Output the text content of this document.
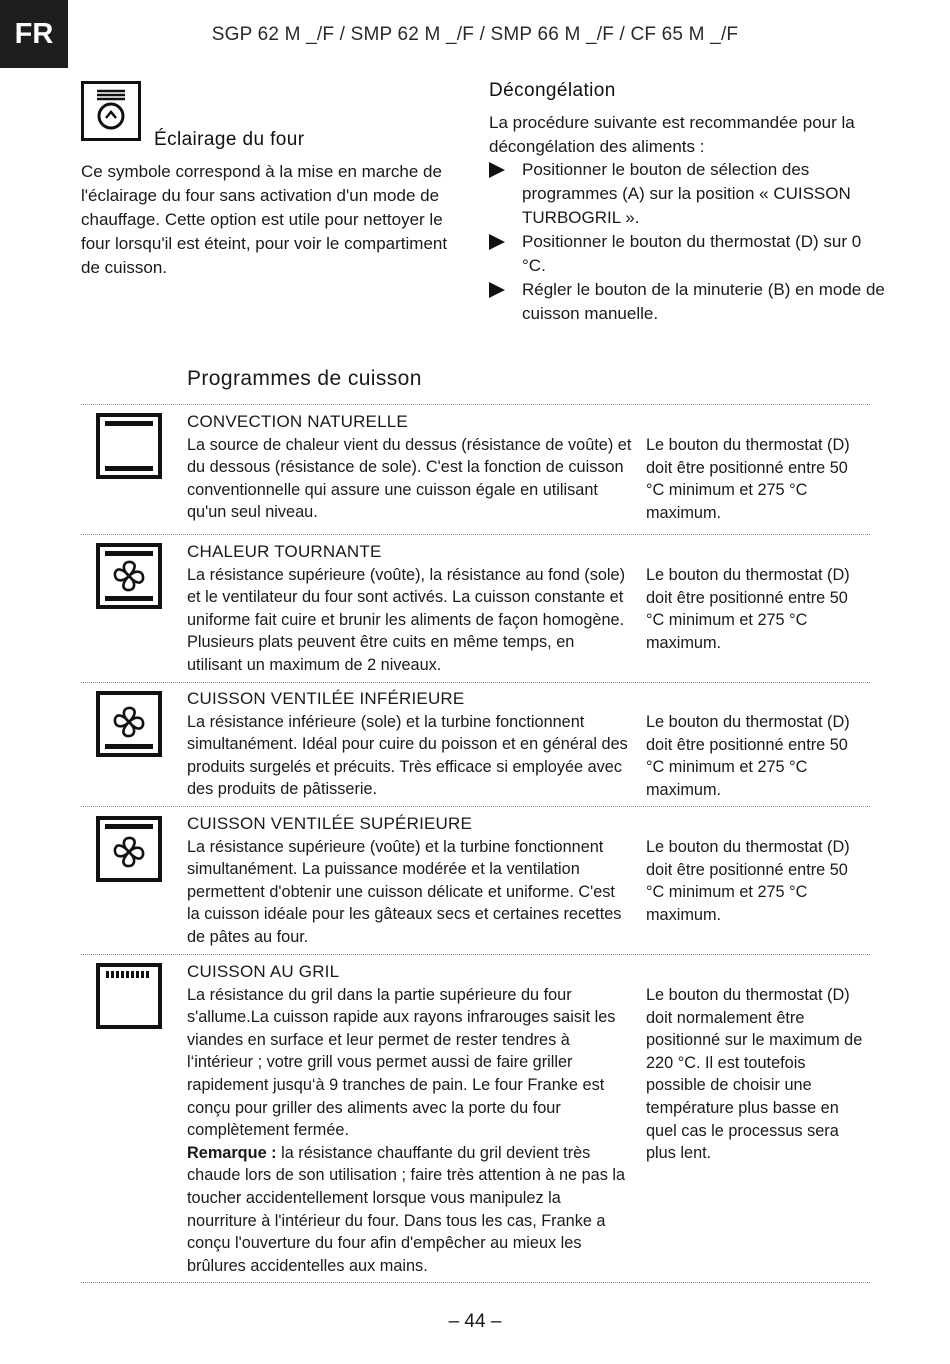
FR	SGP 62 M _/F / SMP 62 M _/F / SMP 66 M _/F / CF 65 M _/F
Éclairage du four

Ce symbole correspond à la mise en marche de l'éclairage du four sans activation d'un mode de chauffage. Cette option est utile pour nettoyer le four lorsqu'il est éteint, pour voir le compartiment de cuisson.

Décongélation

La procédure suivante est recommandée pour la décongélation des aliments :

Positionner le bouton de sélection des programmes (A) sur la position « CUISSON TURBOGRIL ».
Positionner le bouton du thermostat (D) sur 0 °C.
Régler le bouton de la minuterie (B) en mode de cuisson manuelle.
Programmes de cuisson
CONVECTION NATURELLE
La source de chaleur vient du dessus (résistance de voûte) et du dessous (résistance de sole). C'est la fonction de cuisson conventionnelle qui assure une cuisson égale en utilisant qu'un seul niveau.
Le bouton du thermostat (D) doit être positionné entre 50 °C minimum et 275 °C maximum.
CHALEUR TOURNANTE
La résistance supérieure (voûte), la résistance au fond (sole) et le ventilateur du four sont activés. La cuisson constante et uniforme fait cuire et brunir les aliments de façon homogène. Plusieurs plats peuvent être cuits en même temps, en utilisant un maximum de 2 niveaux.
Le bouton du thermostat (D) doit être positionné entre 50 °C minimum et 275 °C maximum.
CUISSON VENTILÉE INFÉRIEURE
La résistance inférieure (sole) et la turbine fonctionnent simultanément. Idéal pour cuire du poisson et en général des produits surgelés et précuits. Très efficace si employée avec des produits de pâtisserie.
Le bouton du thermostat (D) doit être positionné entre 50 °C minimum et 275 °C maximum.
CUISSON VENTILÉE SUPÉRIEURE
La résistance supérieure (voûte) et la turbine fonctionnent simultanément. La puissance modérée et la ventilation permettent d'obtenir une cuisson délicate et uniforme. C'est la cuisson idéale pour les gâteaux secs et certaines recettes de pâtes au four.
Le bouton du thermostat (D) doit être positionné entre 50 °C minimum et 275 °C maximum.
CUISSON AU GRIL
La résistance du gril dans la partie supérieure du four s'allume.La cuisson rapide aux rayons infrarouges saisit les viandes en surface et leur permet de rester tendres à l‘intérieur ; votre grill vous permet aussi de faire griller rapidement jusqu‘à 9 tranches de pain. Le four Franke est conçu pour griller des aliments avec la porte du four complètement fermée.
Remarque : la résistance chauffante du gril devient très chaude lors de son utilisation ; faire très attention à ne pas la toucher accidentellement lorsque vous manipulez la nourriture à l'intérieur du four. Dans tous les cas, Franke a conçu l'ouverture du four afin d'empêcher au mieux les brûlures accidentelles aux mains.
Le bouton du thermostat (D) doit normalement être positionné sur le maximum de 220 °C. Il est toutefois possible de choisir une température plus basse en quel cas le processus sera plus lent.
– 44 –
